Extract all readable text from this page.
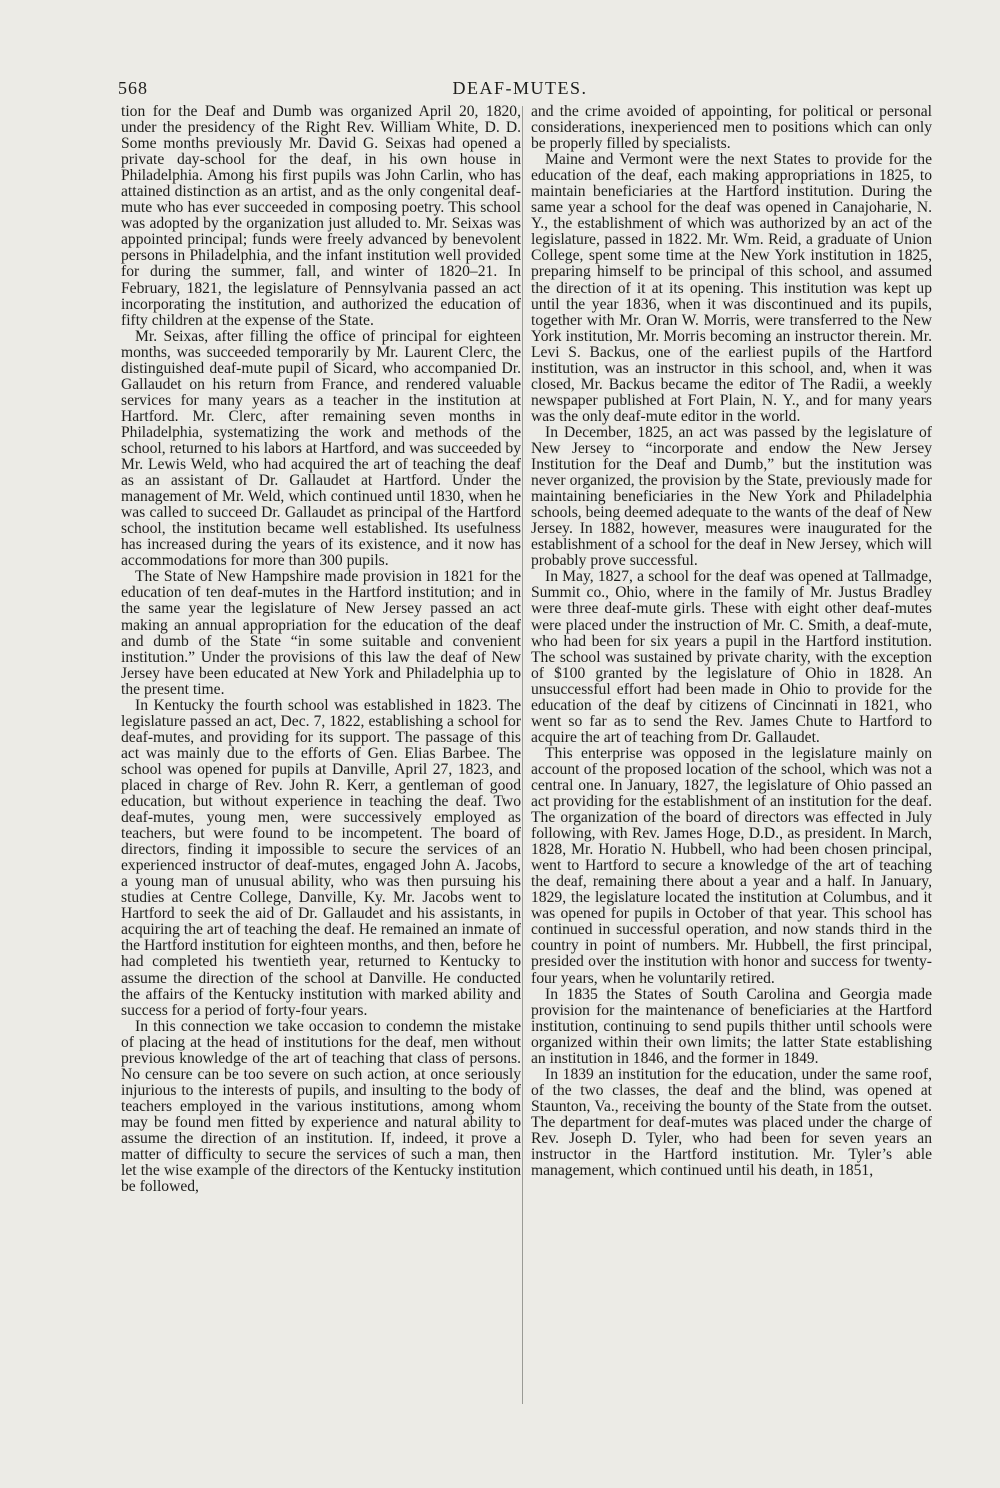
568	DEAF-MUTES.

tion for the Deaf and Dumb was organized April 20, 1820, under the presidency of the Right Rev. William White, D. D. Some months previously Mr. David G. Seixas had opened a private day-school for the deaf, in his own house in Philadelphia. Among his first pupils was John Carlin, who has attained distinction as an artist, and as the only congenital deaf-mute who has ever succeeded in composing poetry. This school was adopted by the organization just alluded to. Mr. Seixas was appointed principal; funds were freely advanced by benevolent persons in Philadelphia, and the infant institution well provided for during the summer, fall, and winter of 1820–21. In February, 1821, the legislature of Pennsylvania passed an act incorporating the institution, and authorized the education of fifty children at the expense of the State.

Mr. Seixas, after filling the office of principal for eighteen months, was succeeded temporarily by Mr. Laurent Clerc, the distinguished deaf-mute pupil of Sicard, who accompanied Dr. Gallaudet on his return from France, and rendered valuable services for many years as a teacher in the institution at Hartford. Mr. Clerc, after remaining seven months in Philadelphia, systematizing the work and methods of the school, returned to his labors at Hartford, and was succeeded by Mr. Lewis Weld, who had acquired the art of teaching the deaf as an assistant of Dr. Gallaudet at Hartford. Under the management of Mr. Weld, which continued until 1830, when he was called to succeed Dr. Gallaudet as principal of the Hartford school, the institution became well established. Its usefulness has increased during the years of its existence, and it now has accommodations for more than 300 pupils.

The State of New Hampshire made provision in 1821 for the education of ten deaf-mutes in the Hartford institution; and in the same year the legislature of New Jersey passed an act making an annual appropriation for the education of the deaf and dumb of the State “in some suitable and convenient institution.” Under the provisions of this law the deaf of New Jersey have been educated at New York and Philadelphia up to the present time.

In Kentucky the fourth school was established in 1823. The legislature passed an act, Dec. 7, 1822, establishing a school for deaf-mutes, and providing for its support. The passage of this act was mainly due to the efforts of Gen. Elias Barbee. The school was opened for pupils at Danville, April 27, 1823, and placed in charge of Rev. John R. Kerr, a gentleman of good education, but without experience in teaching the deaf. Two deaf-mutes, young men, were successively employed as teachers, but were found to be incompetent. The board of directors, finding it impossible to secure the services of an experienced instructor of deaf-mutes, engaged John A. Jacobs, a young man of unusual ability, who was then pursuing his studies at Centre College, Danville, Ky. Mr. Jacobs went to Hartford to seek the aid of Dr. Gallaudet and his assistants, in acquiring the art of teaching the deaf. He remained an inmate of the Hartford institution for eighteen months, and then, before he had completed his twentieth year, returned to Kentucky to assume the direction of the school at Danville. He conducted the affairs of the Kentucky institution with marked ability and success for a period of forty-four years.

In this connection we take occasion to condemn the mistake of placing at the head of institutions for the deaf, men without previous knowledge of the art of teaching that class of persons. No censure can be too severe on such action, at once seriously injurious to the interests of pupils, and insulting to the body of teachers employed in the various institutions, among whom may be found men fitted by experience and natural ability to assume the direction of an institution. If, indeed, it prove a matter of difficulty to secure the services of such a man, then let the wise example of the directors of the Kentucky institution be followed,

and the crime avoided of appointing, for political or personal considerations, inexperienced men to positions which can only be properly filled by specialists.

Maine and Vermont were the next States to provide for the education of the deaf, each making appropriations in 1825, to maintain beneficiaries at the Hartford institution. During the same year a school for the deaf was opened in Canajoharie, N. Y., the establishment of which was authorized by an act of the legislature, passed in 1822. Mr. Wm. Reid, a graduate of Union College, spent some time at the New York institution in 1825, preparing himself to be principal of this school, and assumed the direction of it at its opening. This institution was kept up until the year 1836, when it was discontinued and its pupils, together with Mr. Oran W. Morris, were transferred to the New York institution, Mr. Morris becoming an instructor therein. Mr. Levi S. Backus, one of the earliest pupils of the Hartford institution, was an instructor in this school, and, when it was closed, Mr. Backus became the editor of The Radii, a weekly newspaper published at Fort Plain, N. Y., and for many years was the only deaf-mute editor in the world.

In December, 1825, an act was passed by the legislature of New Jersey to “incorporate and endow the New Jersey Institution for the Deaf and Dumb,” but the institution was never organized, the provision by the State, previously made for maintaining beneficiaries in the New York and Philadelphia schools, being deemed adequate to the wants of the deaf of New Jersey. In 1882, however, measures were inaugurated for the establishment of a school for the deaf in New Jersey, which will probably prove successful.

In May, 1827, a school for the deaf was opened at Tallmadge, Summit co., Ohio, where in the family of Mr. Justus Bradley were three deaf-mute girls. These with eight other deaf-mutes were placed under the instruction of Mr. C. Smith, a deaf-mute, who had been for six years a pupil in the Hartford institution. The school was sustained by private charity, with the exception of $100 granted by the legislature of Ohio in 1828. An unsuccessful effort had been made in Ohio to provide for the education of the deaf by citizens of Cincinnati in 1821, who went so far as to send the Rev. James Chute to Hartford to acquire the art of teaching from Dr. Gallaudet.

This enterprise was opposed in the legislature mainly on account of the proposed location of the school, which was not a central one. In January, 1827, the legislature of Ohio passed an act providing for the establishment of an institution for the deaf. The organization of the board of directors was effected in July following, with Rev. James Hoge, D.D., as president. In March, 1828, Mr. Horatio N. Hubbell, who had been chosen principal, went to Hartford to secure a knowledge of the art of teaching the deaf, remaining there about a year and a half. In January, 1829, the legislature located the institution at Columbus, and it was opened for pupils in October of that year. This school has continued in successful operation, and now stands third in the country in point of numbers. Mr. Hubbell, the first principal, presided over the institution with honor and success for twenty-four years, when he voluntarily retired.

In 1835 the States of South Carolina and Georgia made provision for the maintenance of beneficiaries at the Hartford institution, continuing to send pupils thither until schools were organized within their own limits; the latter State establishing an institution in 1846, and the former in 1849.

In 1839 an institution for the education, under the same roof, of the two classes, the deaf and the blind, was opened at Staunton, Va., receiving the bounty of the State from the outset. The department for deaf-mutes was placed under the charge of Rev. Joseph D. Tyler, who had been for seven years an instructor in the Hartford institution. Mr. Tyler’s able management, which continued until his death, in 1851,
